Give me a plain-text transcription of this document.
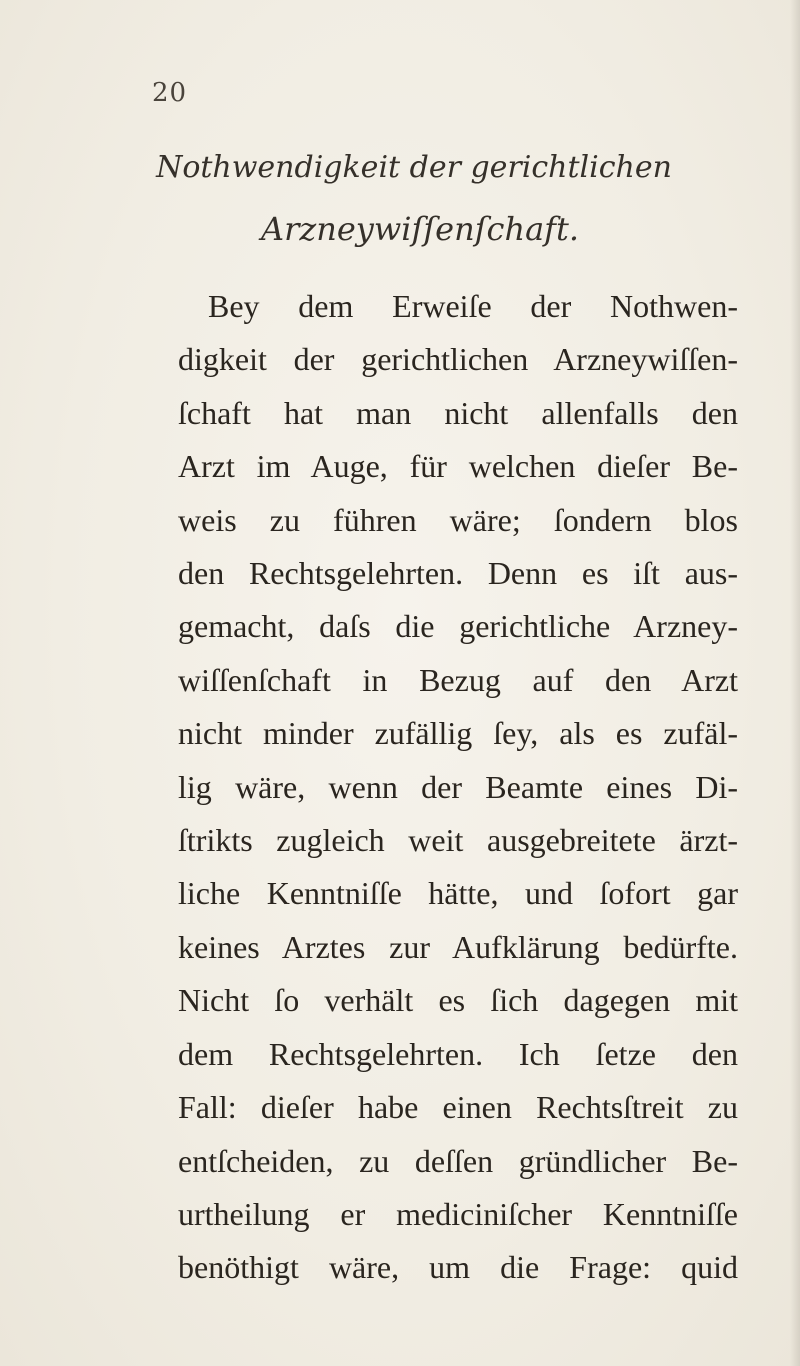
20
Nothwendigkeit der gerichtlichen
Arzneywiſſenſchaft.
Bey dem Erweiſe der Nothwen-
digkeit der gerichtlichen Arzneywiſſen-
ſchaft hat man nicht allenfalls den
Arzt im Auge, für welchen dieſer Be-
weis zu führen wäre; ſondern blos
den Rechtsgelehrten. Denn es iſt aus-
gemacht, daſs die gerichtliche Arzney-
wiſſenſchaft in Bezug auf den Arzt
nicht minder zufällig ſey, als es zufäl-
lig wäre, wenn der Beamte eines Di-
ſtrikts zugleich weit ausgebreitete ärzt-
liche Kenntniſſe hätte, und ſofort gar
keines Arztes zur Aufklärung bedürfte.
Nicht ſo verhält es ſich dagegen mit
dem Rechtsgelehrten. Ich ſetze den
Fall: dieſer habe einen Rechtsſtreit zu
entſcheiden, zu deſſen gründlicher Be-
urtheilung er mediciniſcher Kenntniſſe
benöthigt wäre, um die Frage: quid
